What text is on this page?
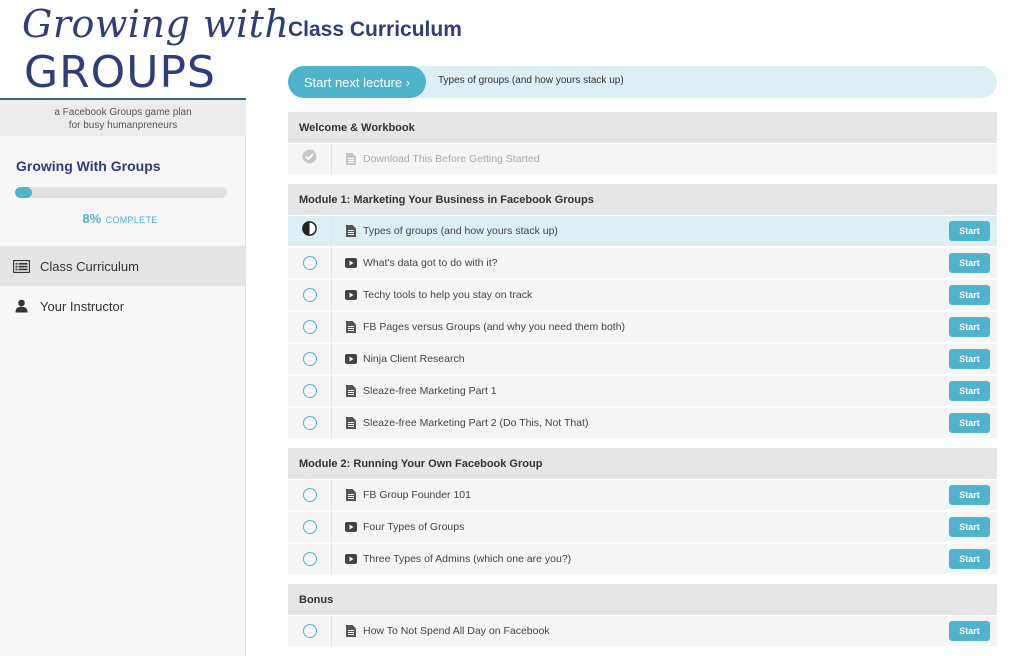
Growing with
GROUPS
a Facebook Groups game plan
for busy humanpreneurs
Growing With Groups
8% COMPLETE
Class Curriculum
Your Instructor
Class Curriculum
Start next lecture ›	Types of groups (and how yours stack up)
Welcome & Workbook
Download This Before Getting Started
Module 1: Marketing Your Business in Facebook Groups
Types of groups (and how yours stack up)	Start
What's data got to do with it?	Start
Techy tools to help you stay on track	Start
FB Pages versus Groups (and why you need them both)	Start
Ninja Client Research	Start
Sleaze-free Marketing Part 1	Start
Sleaze-free Marketing Part 2 (Do This, Not That)	Start
Module 2: Running Your Own Facebook Group
FB Group Founder 101	Start
Four Types of Groups	Start
Three Types of Admins (which one are you?)	Start
Bonus
How To Not Spend All Day on Facebook	Start
